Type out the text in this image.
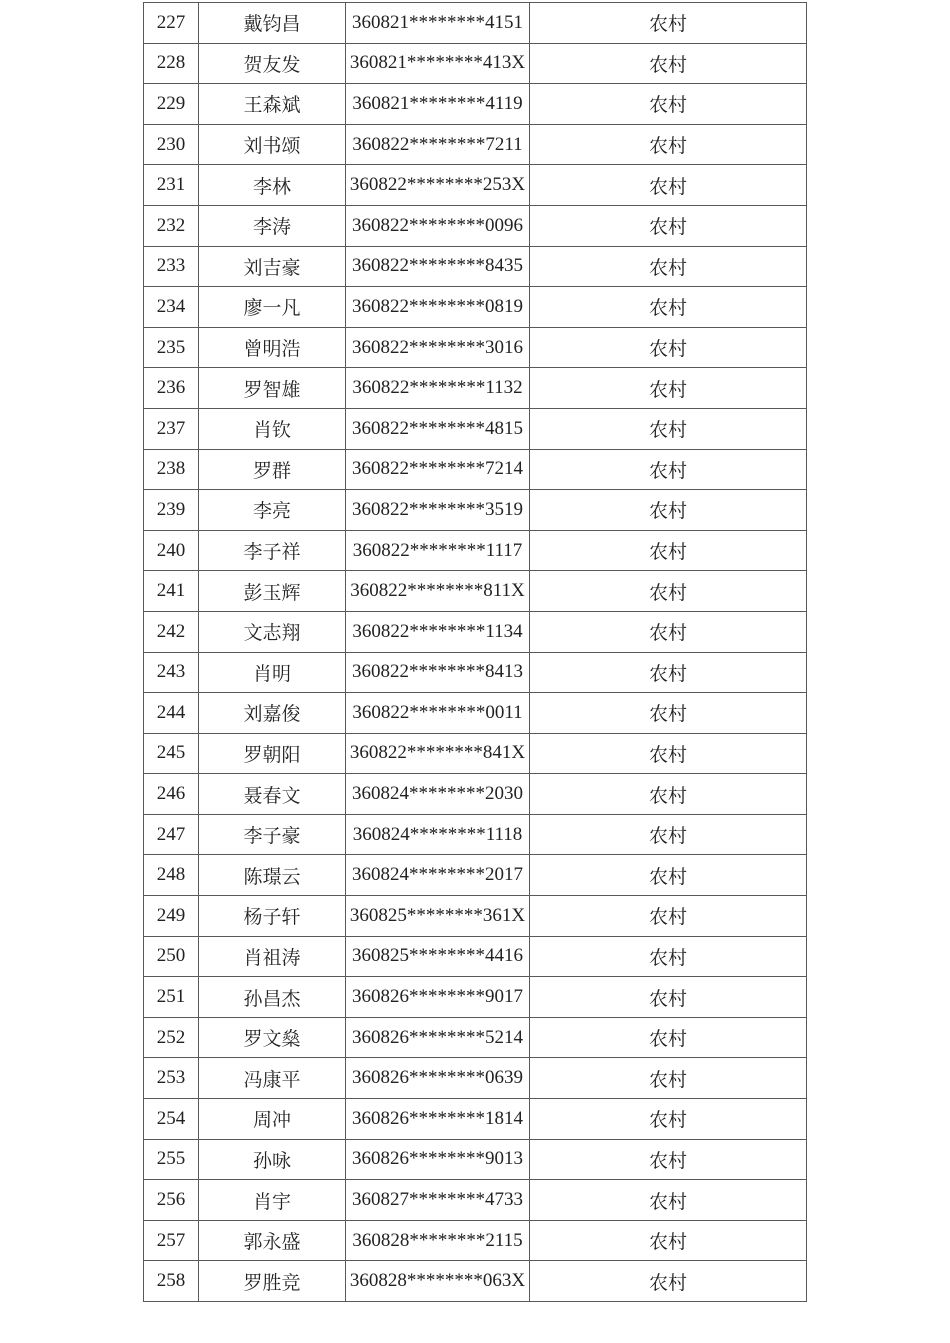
227	戴钧昌	360821********4151	农村
228	贺友发	360821********413X	农村
229	王森斌	360821********4119	农村
230	刘书颂	360822********7211	农村
231	李林	360822********253X	农村
232	李涛	360822********0096	农村
233	刘吉豪	360822********8435	农村
234	廖一凡	360822********0819	农村
235	曾明浩	360822********3016	农村
236	罗智雄	360822********1132	农村
237	肖钦	360822********4815	农村
238	罗群	360822********7214	农村
239	李亮	360822********3519	农村
240	李子祥	360822********1117	农村
241	彭玉辉	360822********811X	农村
242	文志翔	360822********1134	农村
243	肖明	360822********8413	农村
244	刘嘉俊	360822********0011	农村
245	罗朝阳	360822********841X	农村
246	聂春文	360824********2030	农村
247	李子豪	360824********1118	农村
248	陈璟云	360824********2017	农村
249	杨子轩	360825********361X	农村
250	肖祖涛	360825********4416	农村
251	孙昌杰	360826********9017	农村
252	罗文燊	360826********5214	农村
253	冯康平	360826********0639	农村
254	周冲	360826********1814	农村
255	孙咏	360826********9013	农村
256	肖宇	360827********4733	农村
257	郭永盛	360828********2115	农村
258	罗胜竞	360828********063X	农村
